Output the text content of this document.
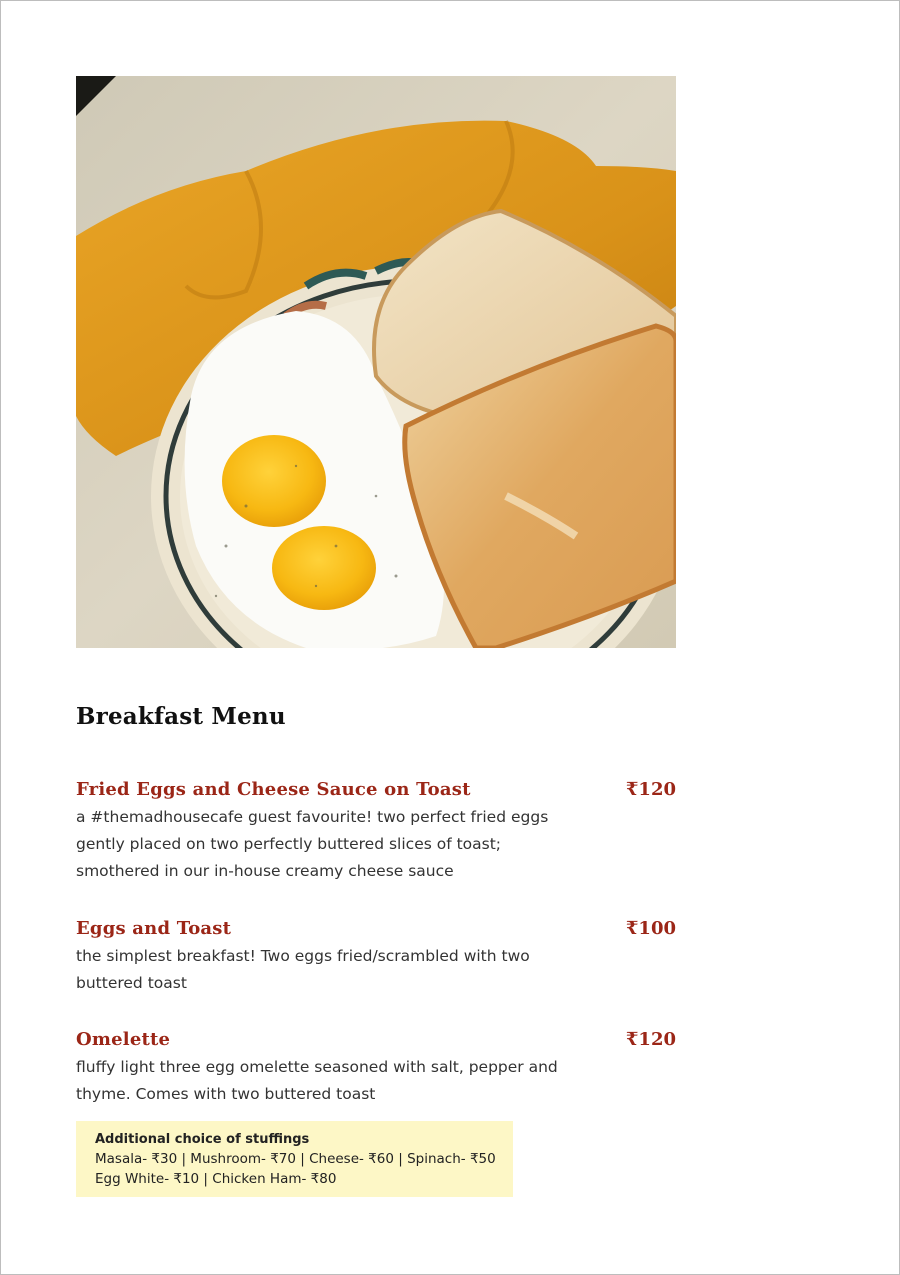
Breakfast Menu
Fried Eggs and Cheese Sauce on Toast	₹120
a #themadhousecafe guest favourite! two perfect fried eggs
gently placed on two perfectly buttered slices of toast;
smothered in our in-house creamy cheese sauce
Eggs and Toast	₹100
the simplest breakfast! Two eggs fried/scrambled with two
buttered toast
Omelette	₹120
fluffy light three egg omelette seasoned with salt, pepper and
thyme. Comes with two buttered toast
Additional choice of stuffings
Masala- ₹30 | Mushroom- ₹70 | Cheese- ₹60 | Spinach- ₹50
Egg White- ₹10 | Chicken Ham- ₹80
